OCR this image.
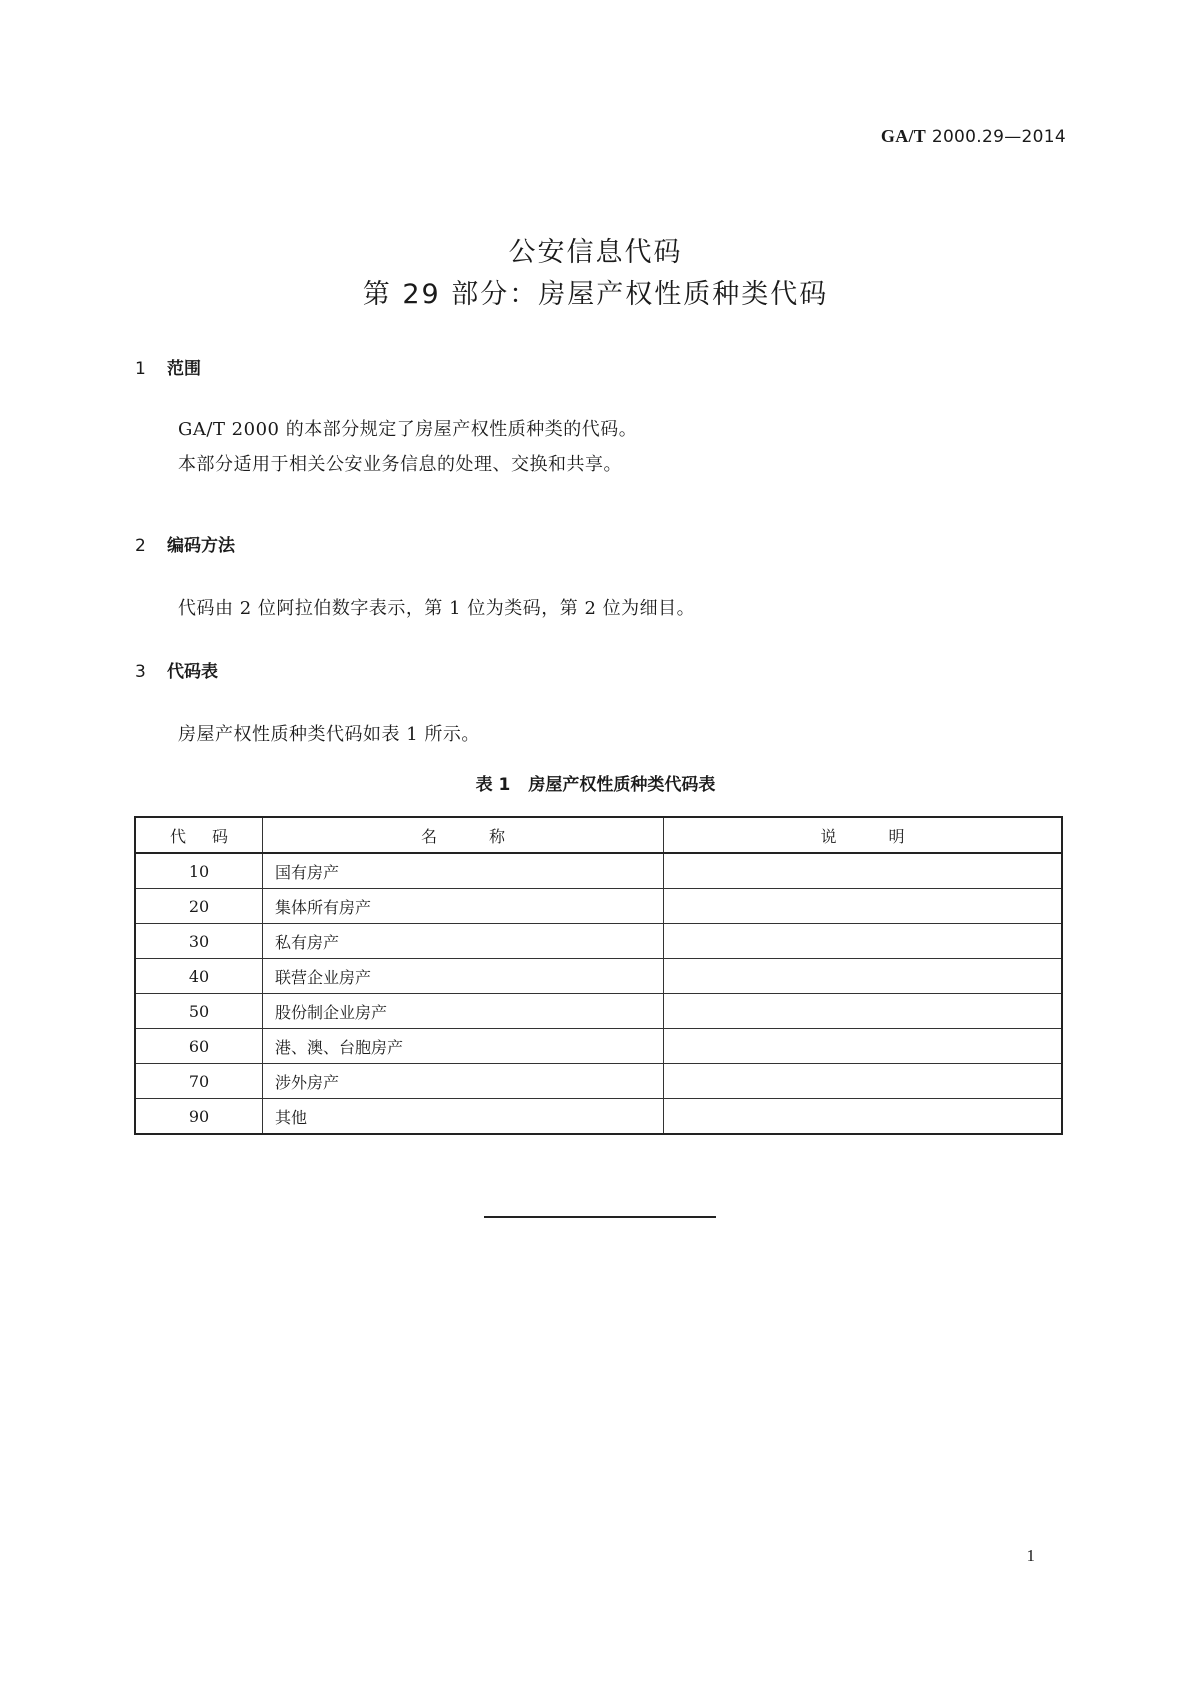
GA/T 2000.29—2014
公安信息代码
第 29 部分：房屋产权性质种类代码
1 范围
GA/T 2000 的本部分规定了房屋产权性质种类的代码。
本部分适用于相关公安业务信息的处理、交换和共享。
2 编码方法
代码由 2 位阿拉伯数字表示，第 1 位为类码，第 2 位为细目。
3 代码表
房屋产权性质种类代码如表 1 所示。
表 1 房屋产权性质种类代码表
代码	名称	说明
10	国有房产	
20	集体所有房产	
30	私有房产	
40	联营企业房产	
50	股份制企业房产	
60	港、澳、台胞房产	
70	涉外房产	
90	其他	
1
